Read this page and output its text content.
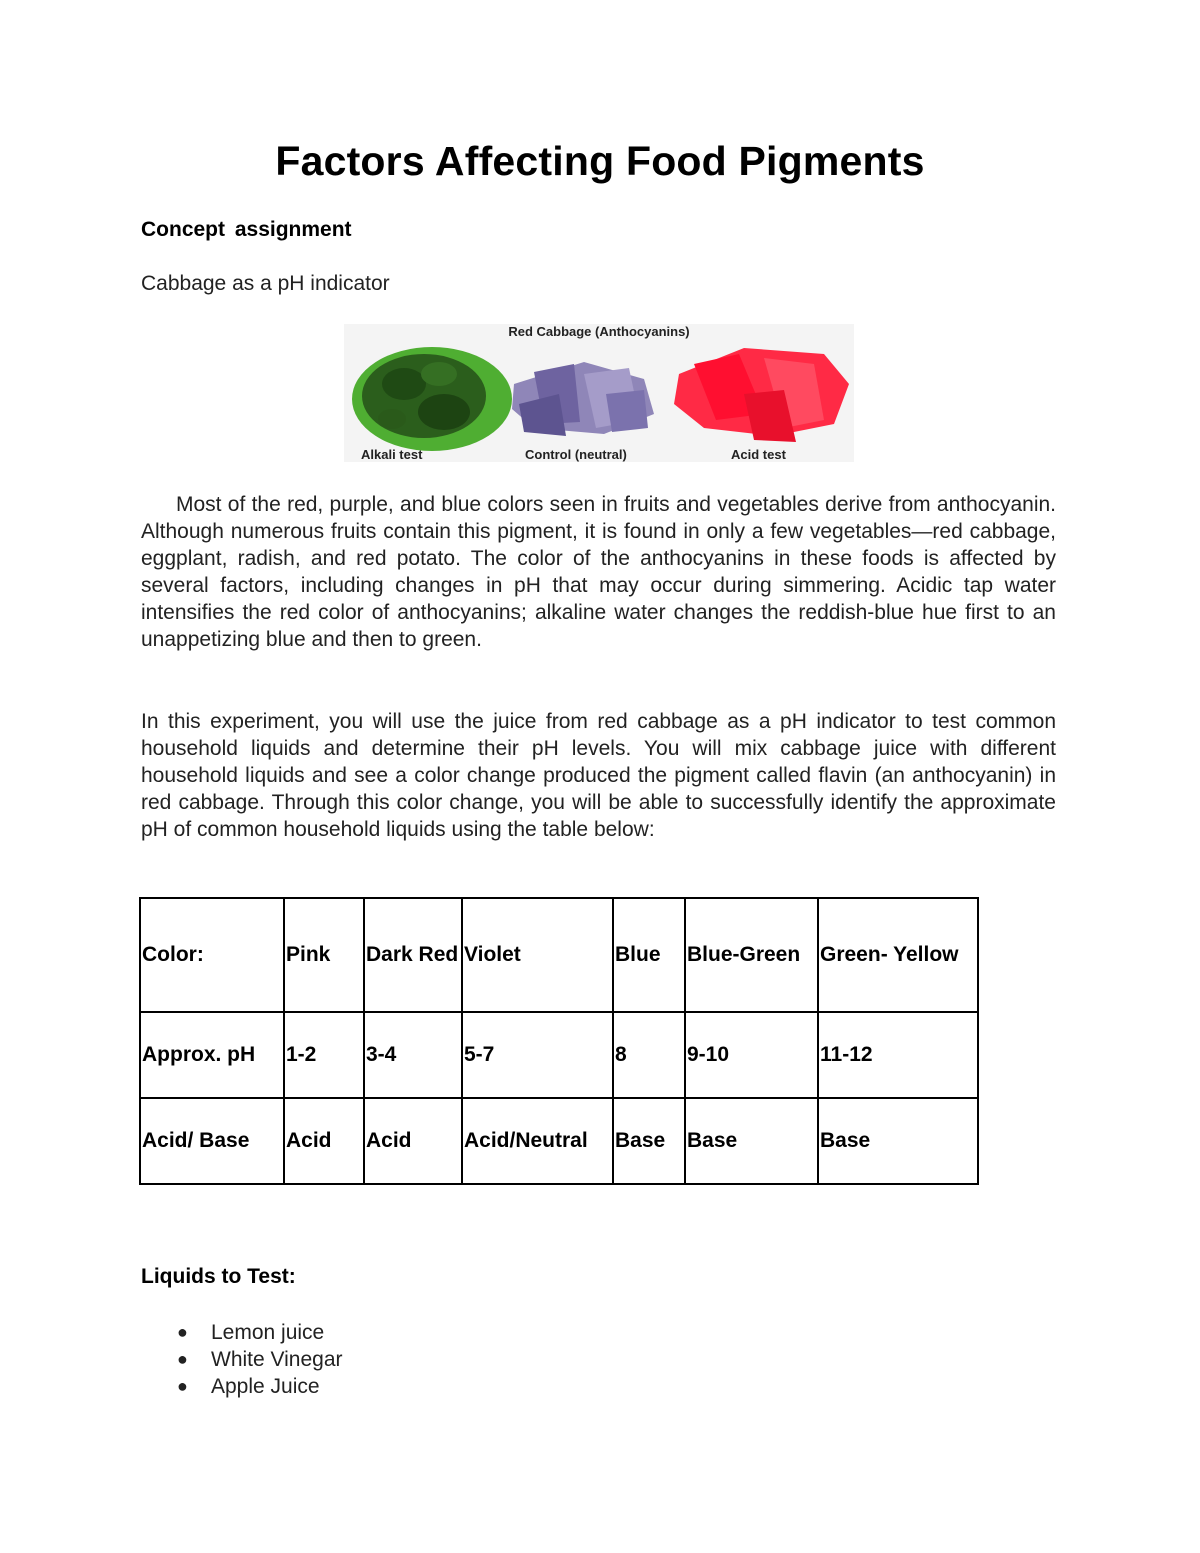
Factors Affecting Food Pigments

Concept assignment

Cabbage as a pH indicator

Red Cabbage (Anthocyanins)
Alkali test	Control (neutral)	Acid test

Most of the red, purple, and blue colors seen in fruits and vegetables derive from anthocyanin. Although numerous fruits contain this pigment, it is found in only a few vegetables—red cabbage, eggplant, radish, and red potato. The color of the anthocyanins in these foods is affected by several factors, including changes in pH that may occur during simmering. Acidic tap water intensifies the red color of anthocyanins; alkaline water changes the reddish-blue hue first to an unappetizing blue and then to green.

In this experiment, you will use the juice from red cabbage as a pH indicator to test common household liquids and determine their pH levels. You will mix cabbage juice with different household liquids and see a color change produced the pigment called flavin (an anthocyanin) in red cabbage. Through this color change, you will be able to successfully identify the approximate pH of common household liquids using the table below:

Color:	Pink	Dark Red	Violet	Blue	Blue-Green	Green- Yellow
Approx. pH	1-2	3-4	5-7	8	9-10	11-12
Acid/ Base	Acid	Acid	Acid/Neutral	Base	Base	Base

Liquids to Test:

● Lemon juice
● White Vinegar
● Apple Juice
